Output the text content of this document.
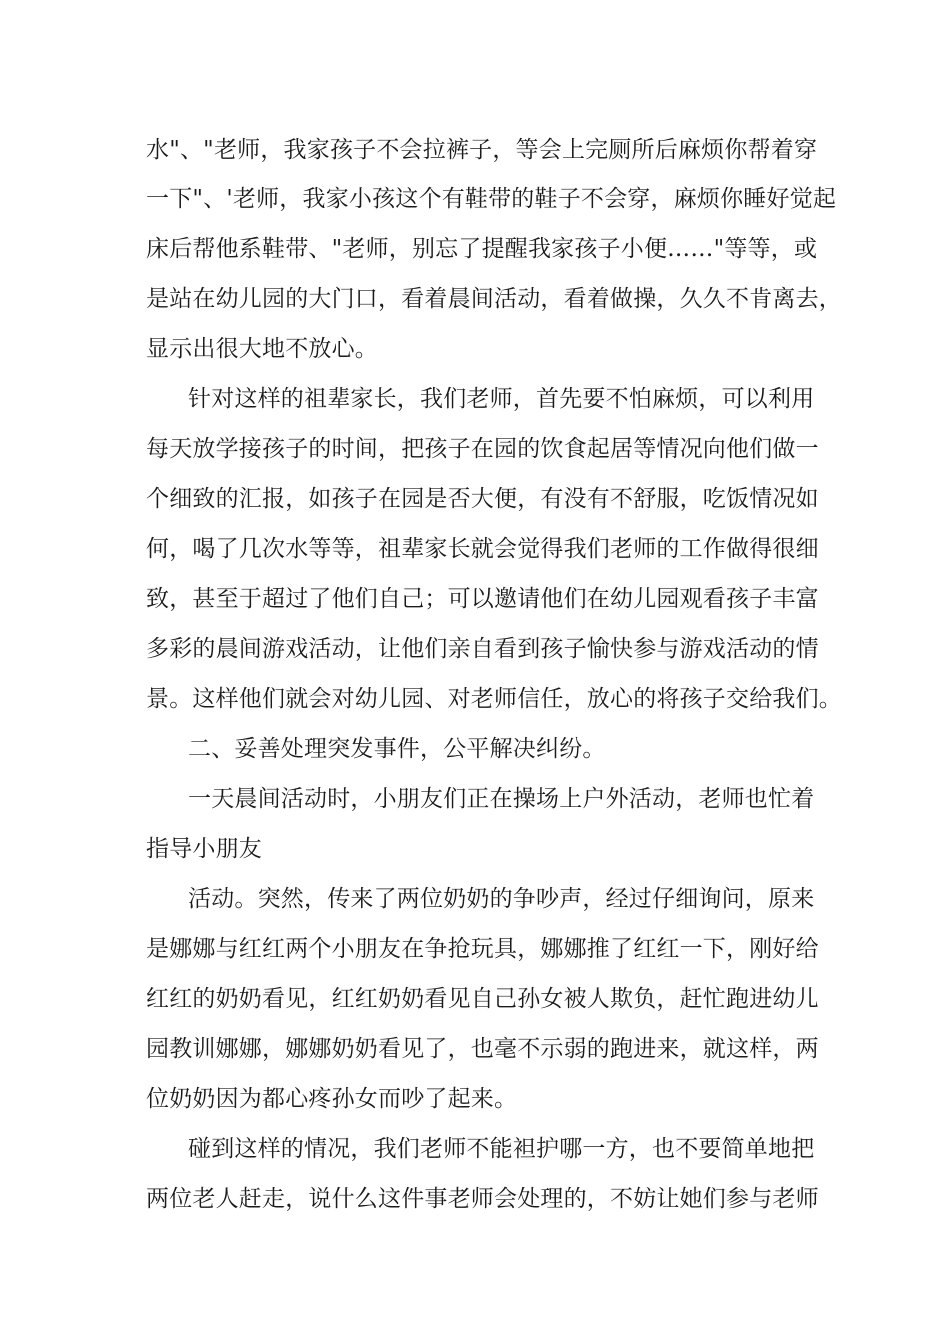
水"、"老师，我家孩子不会拉裤子，等会上完厕所后麻烦你帮着穿
一下"、'老师，我家小孩这个有鞋带的鞋子不会穿，麻烦你睡好觉起
床后帮他系鞋带、"老师，别忘了提醒我家孩子小便……"等等，或
是站在幼儿园的大门口，看着晨间活动，看着做操，久久不肯离去，
显示出很大地不放心。
针对这样的祖辈家长，我们老师，首先要不怕麻烦，可以利用
每天放学接孩子的时间，把孩子在园的饮食起居等情况向他们做一
个细致的汇报，如孩子在园是否大便，有没有不舒服，吃饭情况如
何，喝了几次水等等，祖辈家长就会觉得我们老师的工作做得很细
致，甚至于超过了他们自己；可以邀请他们在幼儿园观看孩子丰富
多彩的晨间游戏活动，让他们亲自看到孩子愉快参与游戏活动的情
景。这样他们就会对幼儿园、对老师信任，放心的将孩子交给我们。
二、妥善处理突发事件，公平解决纠纷。
一天晨间活动时，小朋友们正在操场上户外活动，老师也忙着
指导小朋友
活动。突然，传来了两位奶奶的争吵声，经过仔细询问，原来
是娜娜与红红两个小朋友在争抢玩具，娜娜推了红红一下，刚好给
红红的奶奶看见，红红奶奶看见自己孙女被人欺负，赶忙跑进幼儿
园教训娜娜，娜娜奶奶看见了，也毫不示弱的跑进来，就这样，两
位奶奶因为都心疼孙女而吵了起来。
碰到这样的情况，我们老师不能袒护哪一方，也不要简单地把
两位老人赶走，说什么这件事老师会处理的，不妨让她们参与老师
